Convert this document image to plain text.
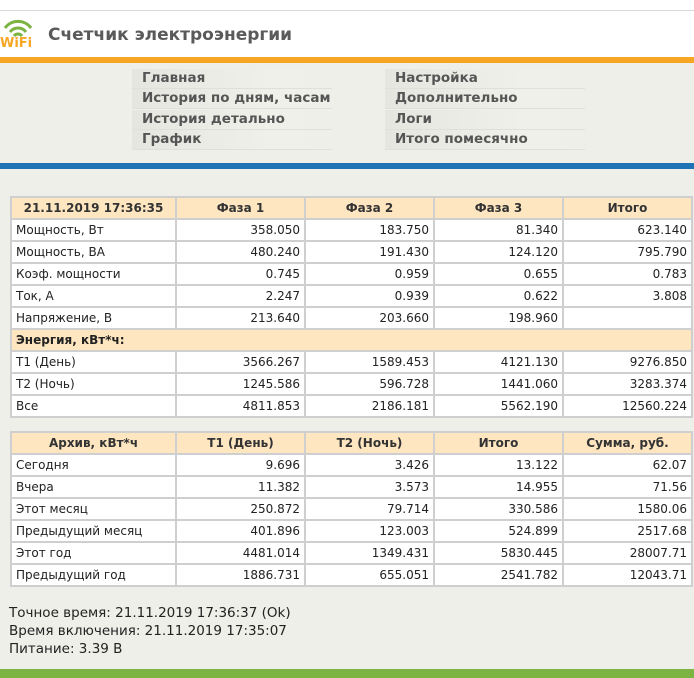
WiFi Счетчик электроэнергии
Главная
История по дням, часам
История детально
График
Настройка
Дополнительно
Логи
Итого помесячно
21.11.2019 17:36:35	Фаза 1	Фаза 2	Фаза 3	Итого
Мощность, Вт	358.050	183.750	81.340	623.140
Мощность, ВА	480.240	191.430	124.120	795.790
Коэф. мощности	0.745	0.959	0.655	0.783
Ток, А	2.247	0.939	0.622	3.808
Напряжение, В	213.640	203.660	198.960	
Энергия, кВт*ч:				
Т1 (День)	3566.267	1589.453	4121.130	9276.850
Т2 (Ночь)	1245.586	596.728	1441.060	3283.374
Все	4811.853	2186.181	5562.190	12560.224
Архив, кВт*ч	Т1 (День)	Т2 (Ночь)	Итого	Сумма, руб.
Сегодня	9.696	3.426	13.122	62.07
Вчера	11.382	3.573	14.955	71.56
Этот месяц	250.872	79.714	330.586	1580.06
Предыдущий месяц	401.896	123.003	524.899	2517.68
Этот год	4481.014	1349.431	5830.445	28007.71
Предыдущий год	1886.731	655.051	2541.782	12043.71
Точное время: 21.11.2019 17:36:37 (Ok)
Время включения: 21.11.2019 17:35:07
Питание: 3.39 В
